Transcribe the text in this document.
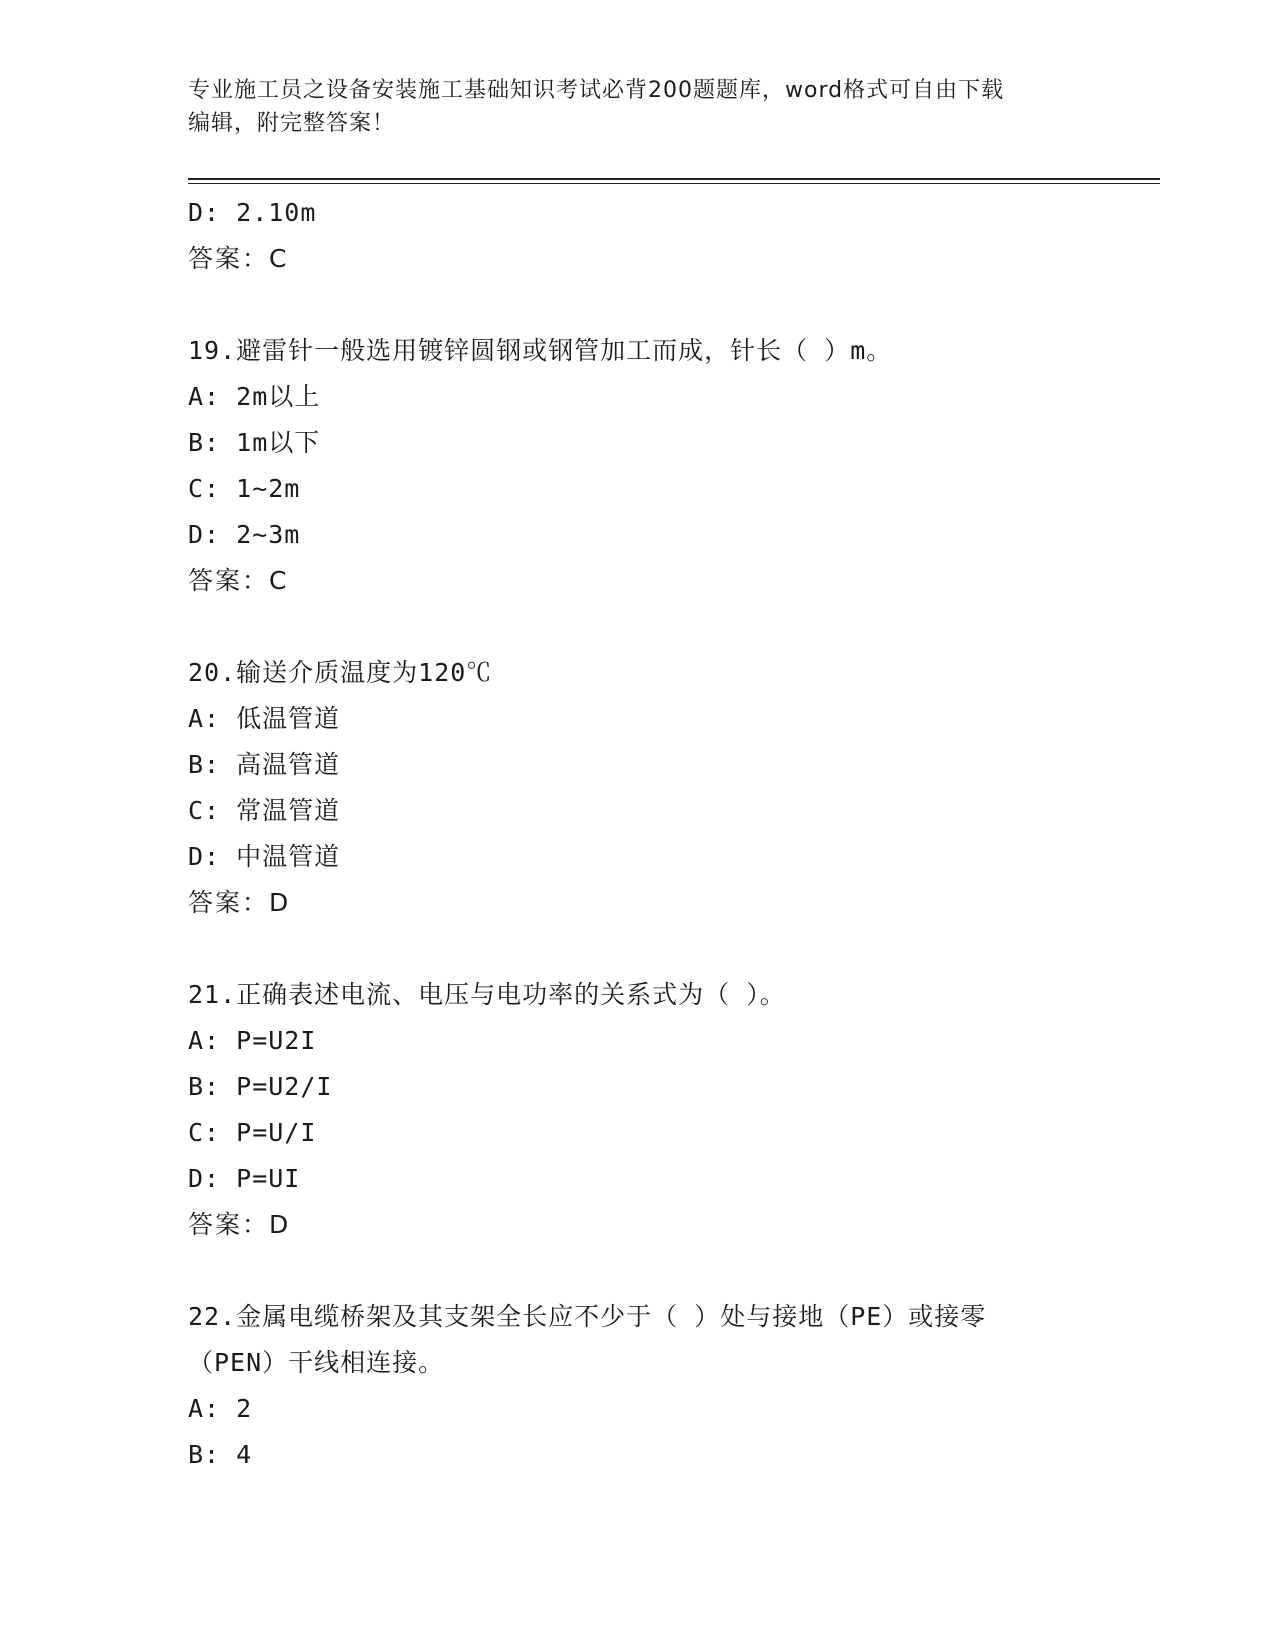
专业施工员之设备安装施工基础知识考试必背200题题库，word格式可自由下载
编辑，附完整答案！
D: 2.10m
答案：C
19.避雷针一般选用镀锌圆钢或钢管加工而成，针长（ ）m。
A: 2m以上
B: 1m以下
C: 1~2m
D: 2~3m
答案：C
20.输送介质温度为120℃
A: 低温管道
B: 高温管道
C: 常温管道
D: 中温管道
答案：D
21.正确表述电流、电压与电功率的关系式为（ ）。
A: P=U2I
B: P=U2/I
C: P=U/I
D: P=UI
答案：D
22.金属电缆桥架及其支架全长应不少于（ ）处与接地（PE）或接零
（PEN）干线相连接。
A: 2
B: 4
